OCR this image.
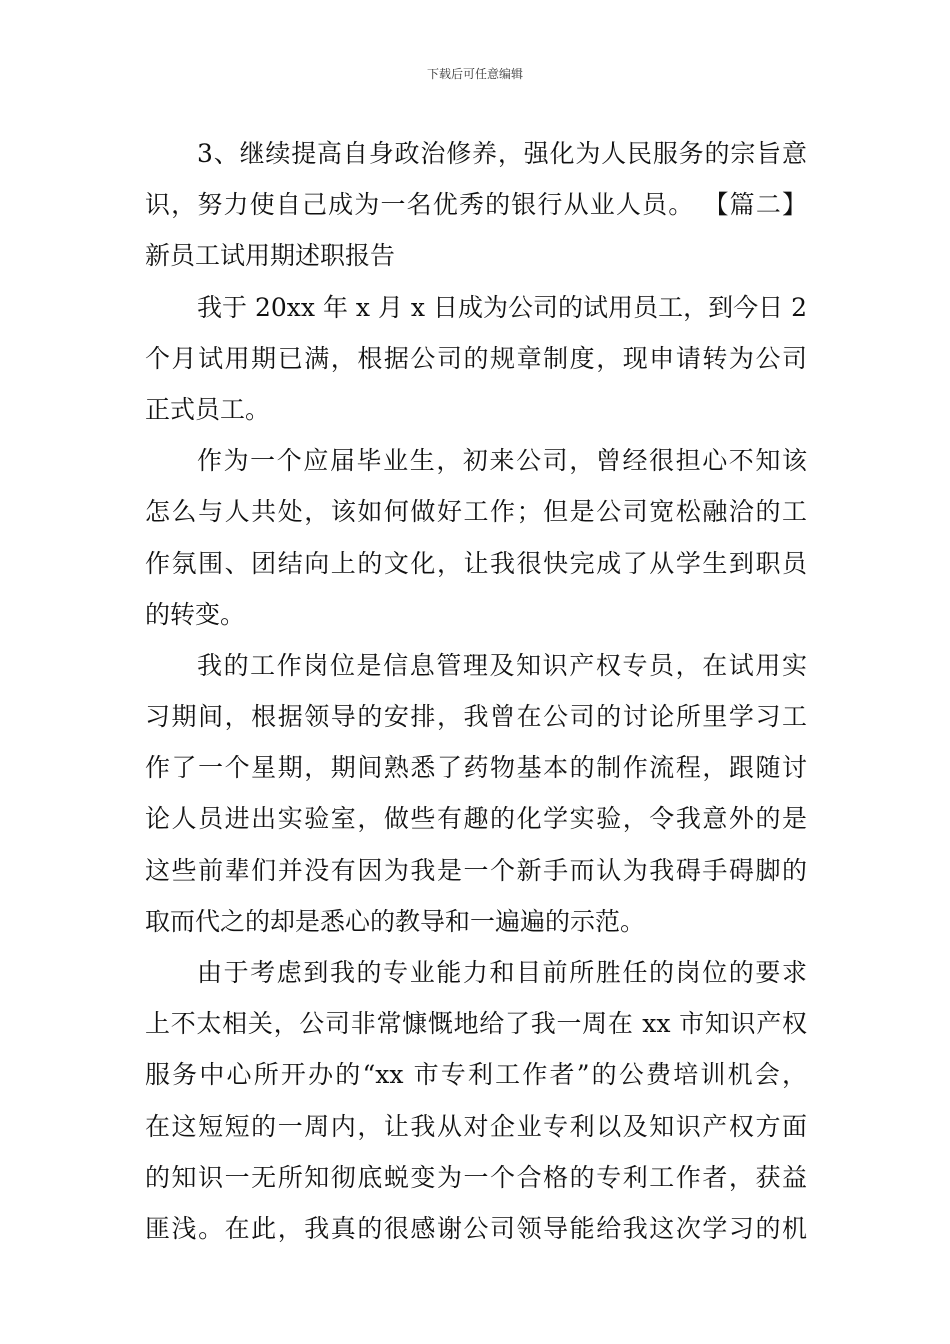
下载后可任意编辑
3、继续提高自身政治修养，强化为人民服务的宗旨意
识，努力使自己成为一名优秀的银行从业人员。 【篇二】
新员工试用期述职报告
我于 20xx 年 x 月 x 日成为公司的试用员工，到今日 2
个月试用期已满，根据公司的规章制度，现申请转为公司
正式员工。
作为一个应届毕业生，初来公司，曾经很担心不知该
怎么与人共处，该如何做好工作；但是公司宽松融洽的工
作氛围、团结向上的文化，让我很快完成了从学生到职员
的转变。
我的工作岗位是信息管理及知识产权专员，在试用实
习期间，根据领导的安排，我曾在公司的讨论所里学习工
作了一个星期，期间熟悉了药物基本的制作流程，跟随讨
论人员进出实验室，做些有趣的化学实验，令我意外的是
这些前辈们并没有因为我是一个新手而认为我碍手碍脚的
取而代之的却是悉心的教导和一遍遍的示范。
由于考虑到我的专业能力和目前所胜任的岗位的要求
上不太相关，公司非常慷慨地给了我一周在 xx 市知识产权
服务中心所开办的“xx 市专利工作者”的公费培训机会，
在这短短的一周内，让我从对企业专利以及知识产权方面
的知识一无所知彻底蜕变为一个合格的专利工作者，获益
匪浅。在此，我真的很感谢公司领导能给我这次学习的机
